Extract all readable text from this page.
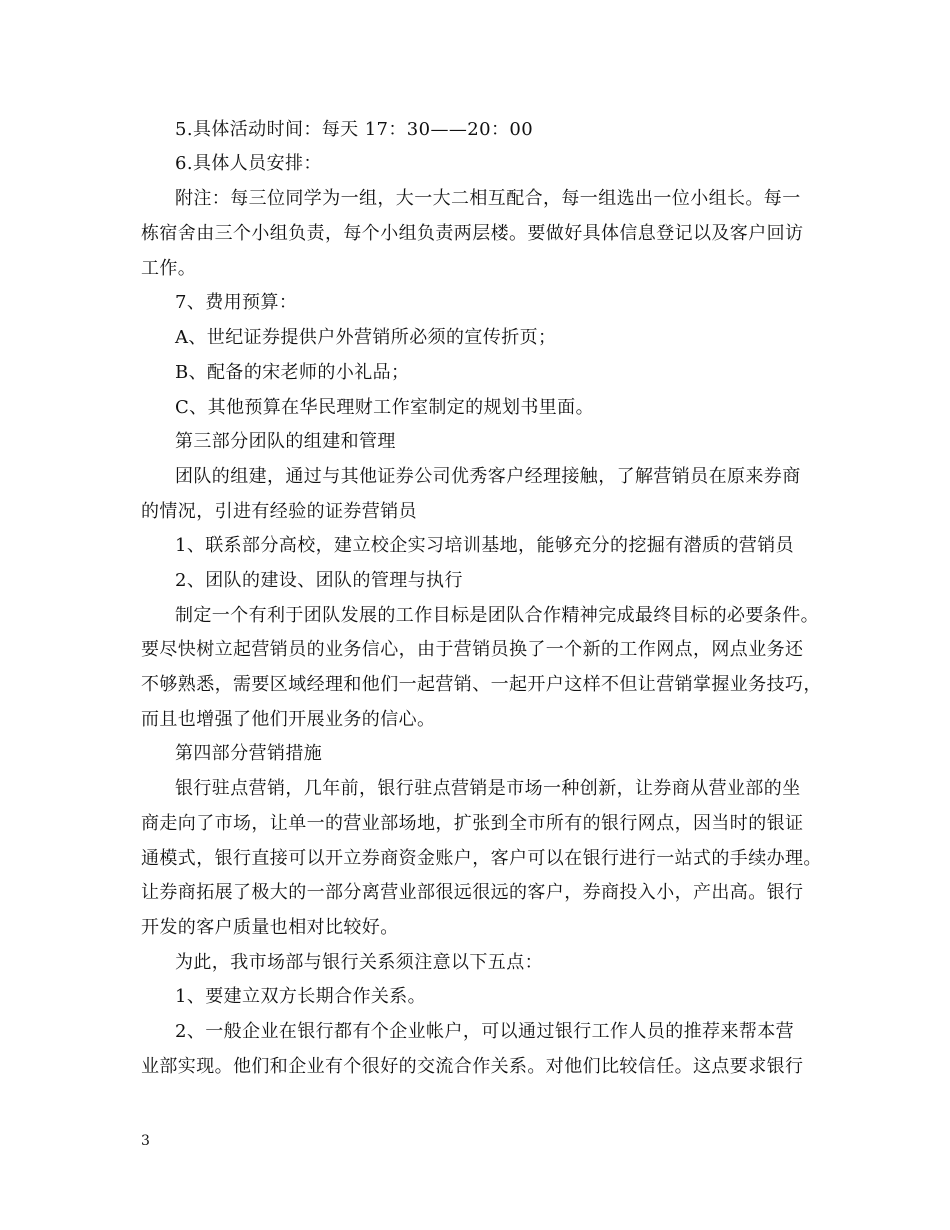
5.具体活动时间：每天 17：30——20：00
6.具体人员安排：
附注：每三位同学为一组，大一大二相互配合，每一组选出一位小组长。每一
栋宿舍由三个小组负责，每个小组负责两层楼。要做好具体信息登记以及客户回访
工作。
7、费用预算：
A、世纪证券提供户外营销所必须的宣传折页；
B、配备的宋老师的小礼品；
C、其他预算在华民理财工作室制定的规划书里面。
第三部分团队的组建和管理
团队的组建，通过与其他证券公司优秀客户经理接触，了解营销员在原来券商
的情况，引进有经验的证券营销员
1、联系部分高校，建立校企实习培训基地，能够充分的挖掘有潜质的营销员
2、团队的建设、团队的管理与执行
制定一个有利于团队发展的工作目标是团队合作精神完成最终目标的必要条件。
要尽快树立起营销员的业务信心，由于营销员换了一个新的工作网点，网点业务还
不够熟悉，需要区域经理和他们一起营销、一起开户这样不但让营销掌握业务技巧，
而且也增强了他们开展业务的信心。
第四部分营销措施
银行驻点营销，几年前，银行驻点营销是市场一种创新，让券商从营业部的坐
商走向了市场，让单一的营业部场地，扩张到全市所有的银行网点，因当时的银证
通模式，银行直接可以开立券商资金账户，客户可以在银行进行一站式的手续办理。
让券商拓展了极大的一部分离营业部很远很远的客户，券商投入小，产出高。银行
开发的客户质量也相对比较好。
为此，我市场部与银行关系须注意以下五点：
1、要建立双方长期合作关系。
2、一般企业在银行都有个企业帐户，可以通过银行工作人员的推荐来帮本营
业部实现。他们和企业有个很好的交流合作关系。对他们比较信任。这点要求银行
3
